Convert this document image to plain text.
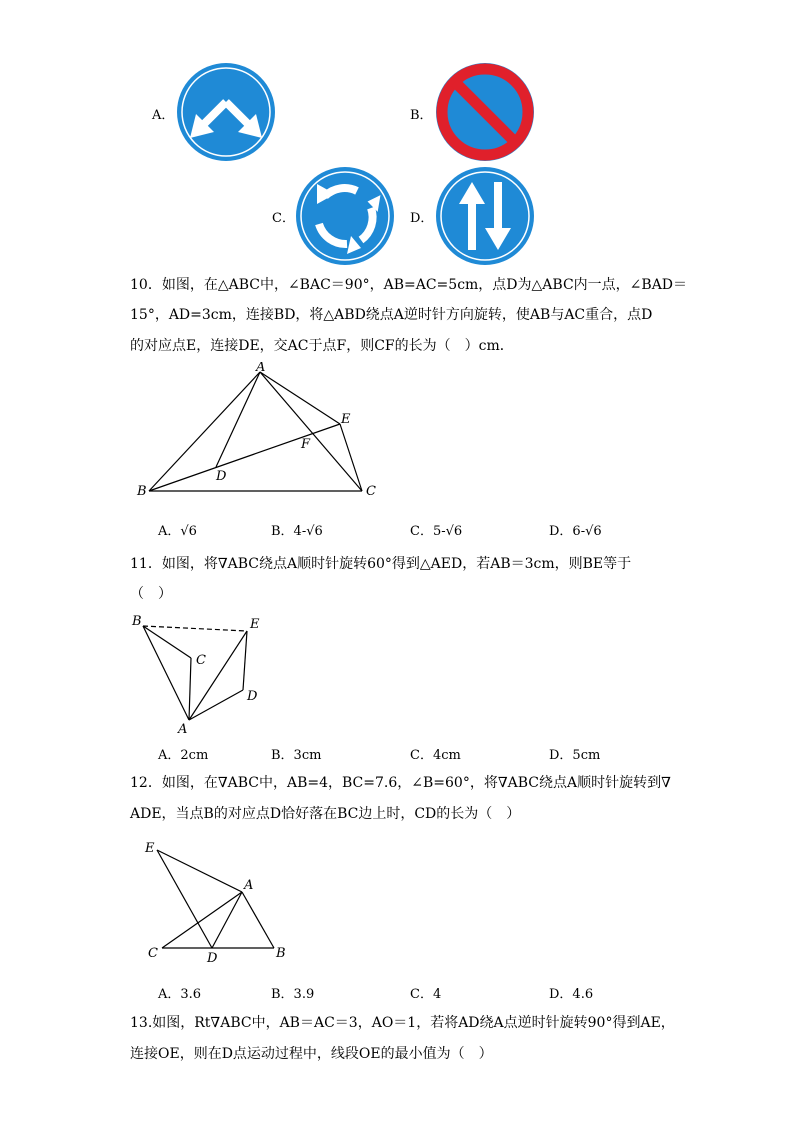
A．	B．
C．	D．
10．如图，在△ABC中，∠BAC＝90°，AB=AC=5cm，点D为△ABC内一点，∠BAD＝
15°，AD=3cm，连接BD，将△ABD绕点A逆时针方向旋转，使AB与AC重合，点D
的对应点E，连接DE，交AC于点F，则CF的长为（　）cm．
A
E
F
D
B	C
A．√6	B．4-√6	C．5-√6	D．6-√6
11．如图，将∇ABC绕点A顺时针旋转60°得到△AED，若AB＝3cm，则BE等于
（　）
B	E
C
D
A
A．2cm	B．3cm	C．4cm	D．5cm
12．如图，在∇ABC中，AB=4，BC=7.6，∠B=60°，将∇ABC绕点A顺时针旋转到∇
ADE，当点B的对应点D恰好落在BC边上时，CD的长为（　）
E
A
C	D	B
A．3.6	B．3.9	C．4	D．4.6
13.如图，Rt∇ABC中，AB＝AC＝3，AO＝1，若将AD绕A点逆时针旋转90°得到AE，
连接OE，则在D点运动过程中，线段OE的最小值为（　）
